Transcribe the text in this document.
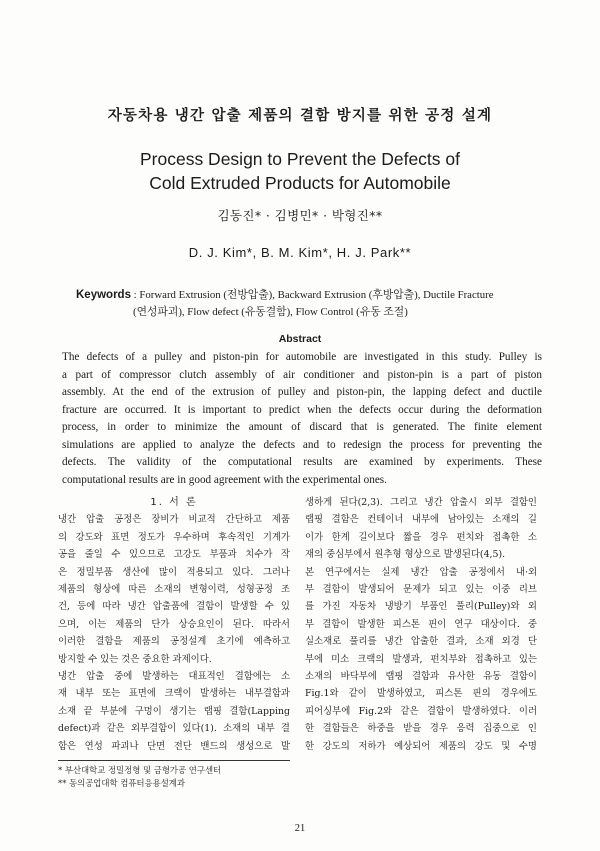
자동차용 냉간 압출 제품의 결함 방지를 위한 공정 설계
Process Design to Prevent the Defects of
Cold Extruded Products for Automobile
김동진* · 김병민* · 박형진**
D. J. Kim*, B. M. Kim*, H. J. Park**
Keywords : Forward Extrusion (전방압출), Backward Extrusion (후방압출), Ductile Fracture
(연성파괴), Flow defect (유동결함), Flow Control (유동 조절)
Abstract
The defects of a pulley and piston-pin for automobile are investigated in this study. Pulley is
a part of compressor clutch assembly of air conditioner and piston-pin is a part of piston
assembly. At the end of the extrusion of pulley and piston-pin, the lapping defect and ductile
fracture are occurred. It is important to predict when the defects occur during the deformation
process, in order to minimize the amount of discard that is generated. The finite element
simulations are applied to analyze the defects and to redesign the process for preventing the
defects. The validity of the computational results are examined by experiments. These
computational results are in good agreement with the experimental ones.
1. 서 론
냉간 압출 공정은 장비가 비교적 간단하고 제품
의 강도와 표면 정도가 우수하며 후속적인 기계가
공을 줄일 수 있으므로 고강도 부품과 치수가 작
은 정밀부품 생산에 많이 적용되고 있다. 그러나
제품의 형상에 따른 소재의 변형이력, 성형공정 조
건, 등에 따라 냉간 압출품에 결함이 발생할 수 있
으며, 이는 제품의 단가 상승요인이 된다. 따라서
이러한 결함을 제품의 공정설계 초기에 예측하고
방지할 수 있는 것은 중요한 과제이다.
냉간 압출 중에 발생하는 대표적인 결함에는 소
재 내부 또는 표면에 크랙이 발생하는 내부결함과
소재 끝 부분에 구멍이 생기는 랩핑 결함(Lapping
defect)과 같은 외부결함이 있다(1). 소재의 내부 결
함은 연성 파괴나 단면 전단 밴드의 생성으로 발
생하게 된다(2,3). 그리고 냉간 압출시 외부 결함인
랩핑 결함은 컨테이너 내부에 남아있는 소재의 길
이가 한계 길이보다 짧을 경우 펀치와 접촉한 소
재의 중심부에서 원추형 형상으로 발생된다(4,5).
본 연구에서는 실제 냉간 압출 공정에서 내·외
부 결함이 발생되어 문제가 되고 있는 이중 리브
를 가진 자동차 냉방기 부품인 풀리(Pulley)와 외
부 결함이 발생한 피스톤 핀이 연구 대상이다. 중
실소재로 풀리를 냉간 압출한 결과, 소재 외경 단
부에 미소 크랙의 발생과, 펀치부와 접촉하고 있는
소재의 바닥부에 랩핑 결함과 유사한 유동 결함이
Fig.1와 같이 발생하였고, 피스톤 핀의 경우에도
피어싱부에 Fig.2와 같은 결함이 발생하였다. 이러
한 결함들은 하중을 받을 경우 응력 집중으로 인
한 강도의 저하가 예상되어 제품의 강도 및 수명
* 부산대학교 정밀정형 및 금형가공 연구센터
** 동의공업대학 컴퓨터응용설계과
21
